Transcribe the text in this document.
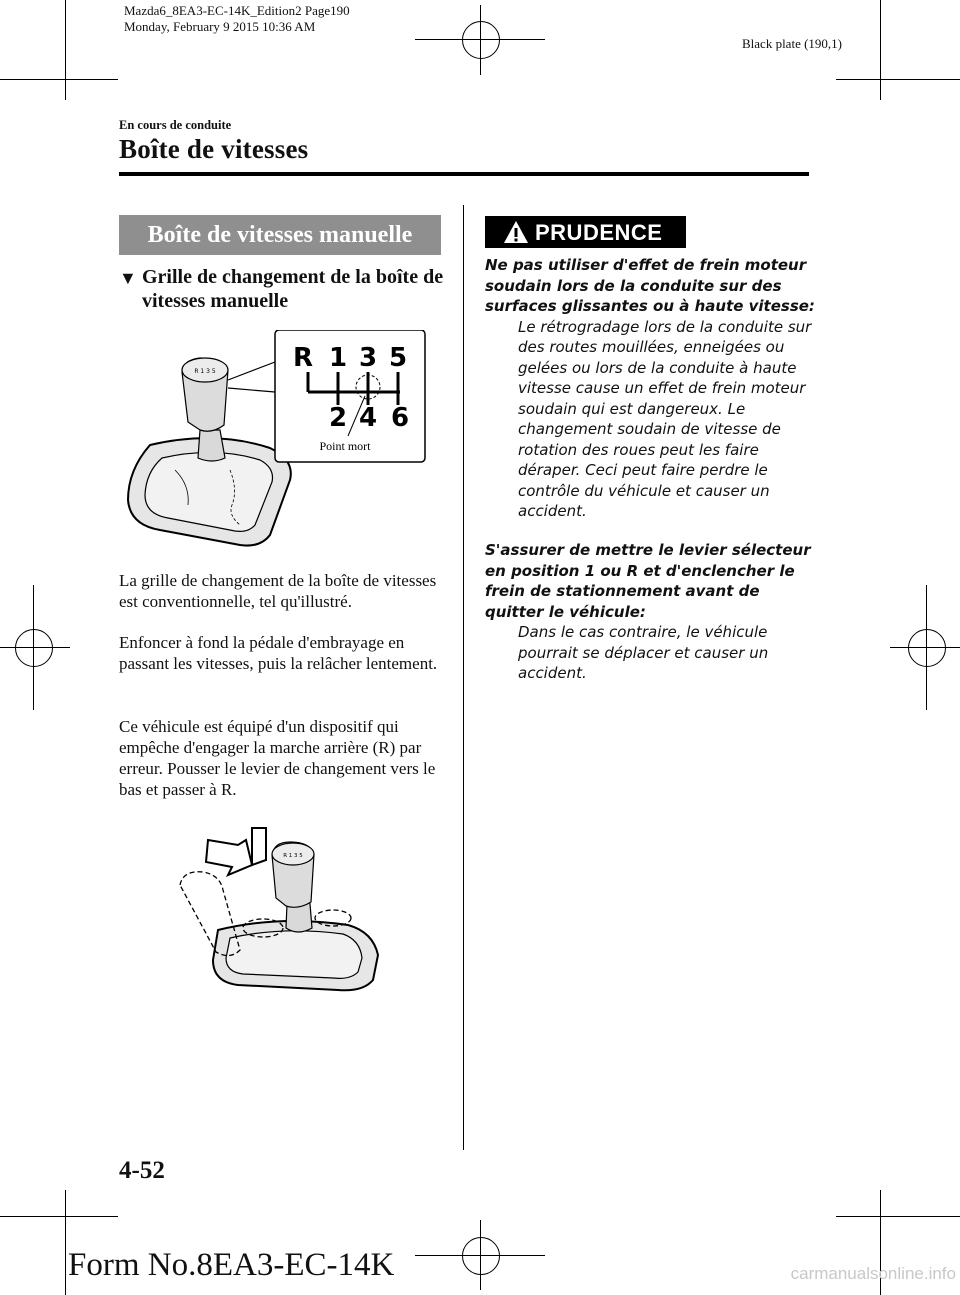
Mazda6_8EA3-EC-14K_Edition2 Page190
Monday, February 9 2015 10:36 AM
Black plate (190,1)
En cours de conduite
Boîte de vitesses
Boîte de vitesses manuelle
▼ Grille de changement de la boîte de vitesses manuelle
R 1 3 5	R 1 3 5
2 4 6
Point mort
La grille de changement de la boîte de vitesses est conventionnelle, tel qu'illustré.
Enfoncer à fond la pédale d'embrayage en passant les vitesses, puis la relâcher lentement.
Ce véhicule est équipé d'un dispositif qui empêche d'engager la marche arrière (R) par erreur. Pousser le levier de changement vers le bas et passer à R.
R 1 3 5
PRUDENCE
Ne pas utiliser d'effet de frein moteur soudain lors de la conduite sur des surfaces glissantes ou à haute vitesse:
Le rétrogradage lors de la conduite sur des routes mouillées, enneigées ou gelées ou lors de la conduite à haute vitesse cause un effet de frein moteur soudain qui est dangereux. Le changement soudain de vitesse de rotation des roues peut les faire déraper. Ceci peut faire perdre le contrôle du véhicule et causer un accident.
S'assurer de mettre le levier sélecteur en position 1 ou R et d'enclencher le frein de stationnement avant de quitter le véhicule:
Dans le cas contraire, le véhicule pourrait se déplacer et causer un accident.
4-52
Form No.8EA3-EC-14K	carmanualsonline.info
